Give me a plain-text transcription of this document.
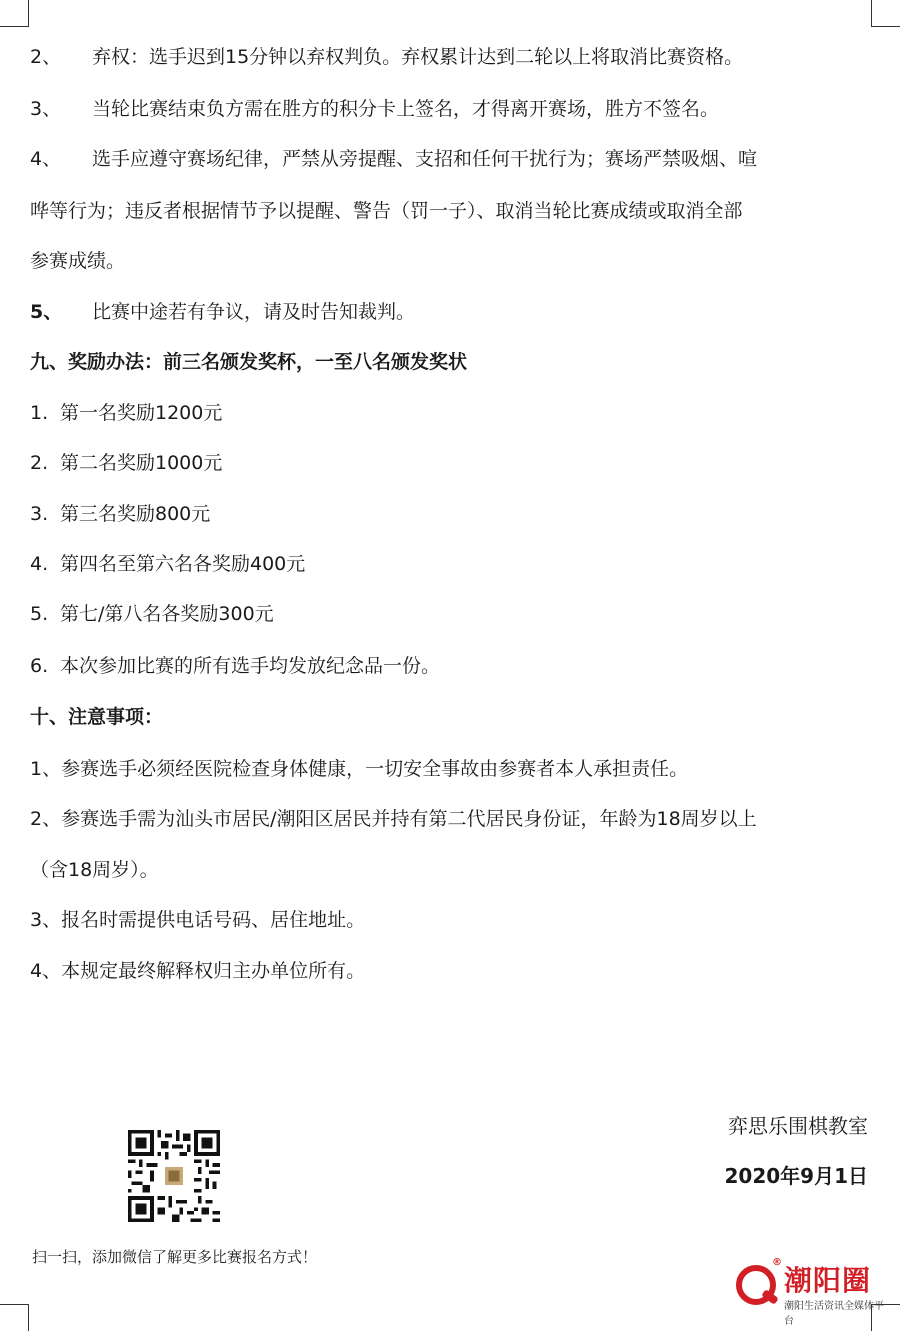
2、 弃权：选手迟到15分钟以弃权判负。弃权累计达到二轮以上将取消比赛资格。
3、 当轮比赛结束负方需在胜方的积分卡上签名，才得离开赛场，胜方不签名。
4、 选手应遵守赛场纪律，严禁从旁提醒、支招和任何干扰行为；赛场严禁吸烟、喧
哗等行为；违反者根据情节予以提醒、警告（罚一子）、取消当轮比赛成绩或取消全部
参赛成绩。
5、 比赛中途若有争议，请及时告知裁判。
九、奖励办法：前三名颁发奖杯，一至八名颁发奖状
1. 第一名奖励1200元
2. 第二名奖励1000元
3. 第三名奖励800元
4. 第四名至第六名各奖励400元
5. 第七/第八名各奖励300元
6. 本次参加比赛的所有选手均发放纪念品一份。
十、注意事项：
1、参赛选手必须经医院检查身体健康，一切安全事故由参赛者本人承担责任。
2、参赛选手需为汕头市居民/潮阳区居民并持有第二代居民身份证，年龄为18周岁以上
（含18周岁）。
3、报名时需提供电话号码、居住地址。
4、本规定最终解释权归主办单位所有。
弈思乐围棋教室
2020年9月1日
扫一扫，添加微信了解更多比赛报名方式！	®
潮阳圈
潮阳生活资讯全媒体平台
